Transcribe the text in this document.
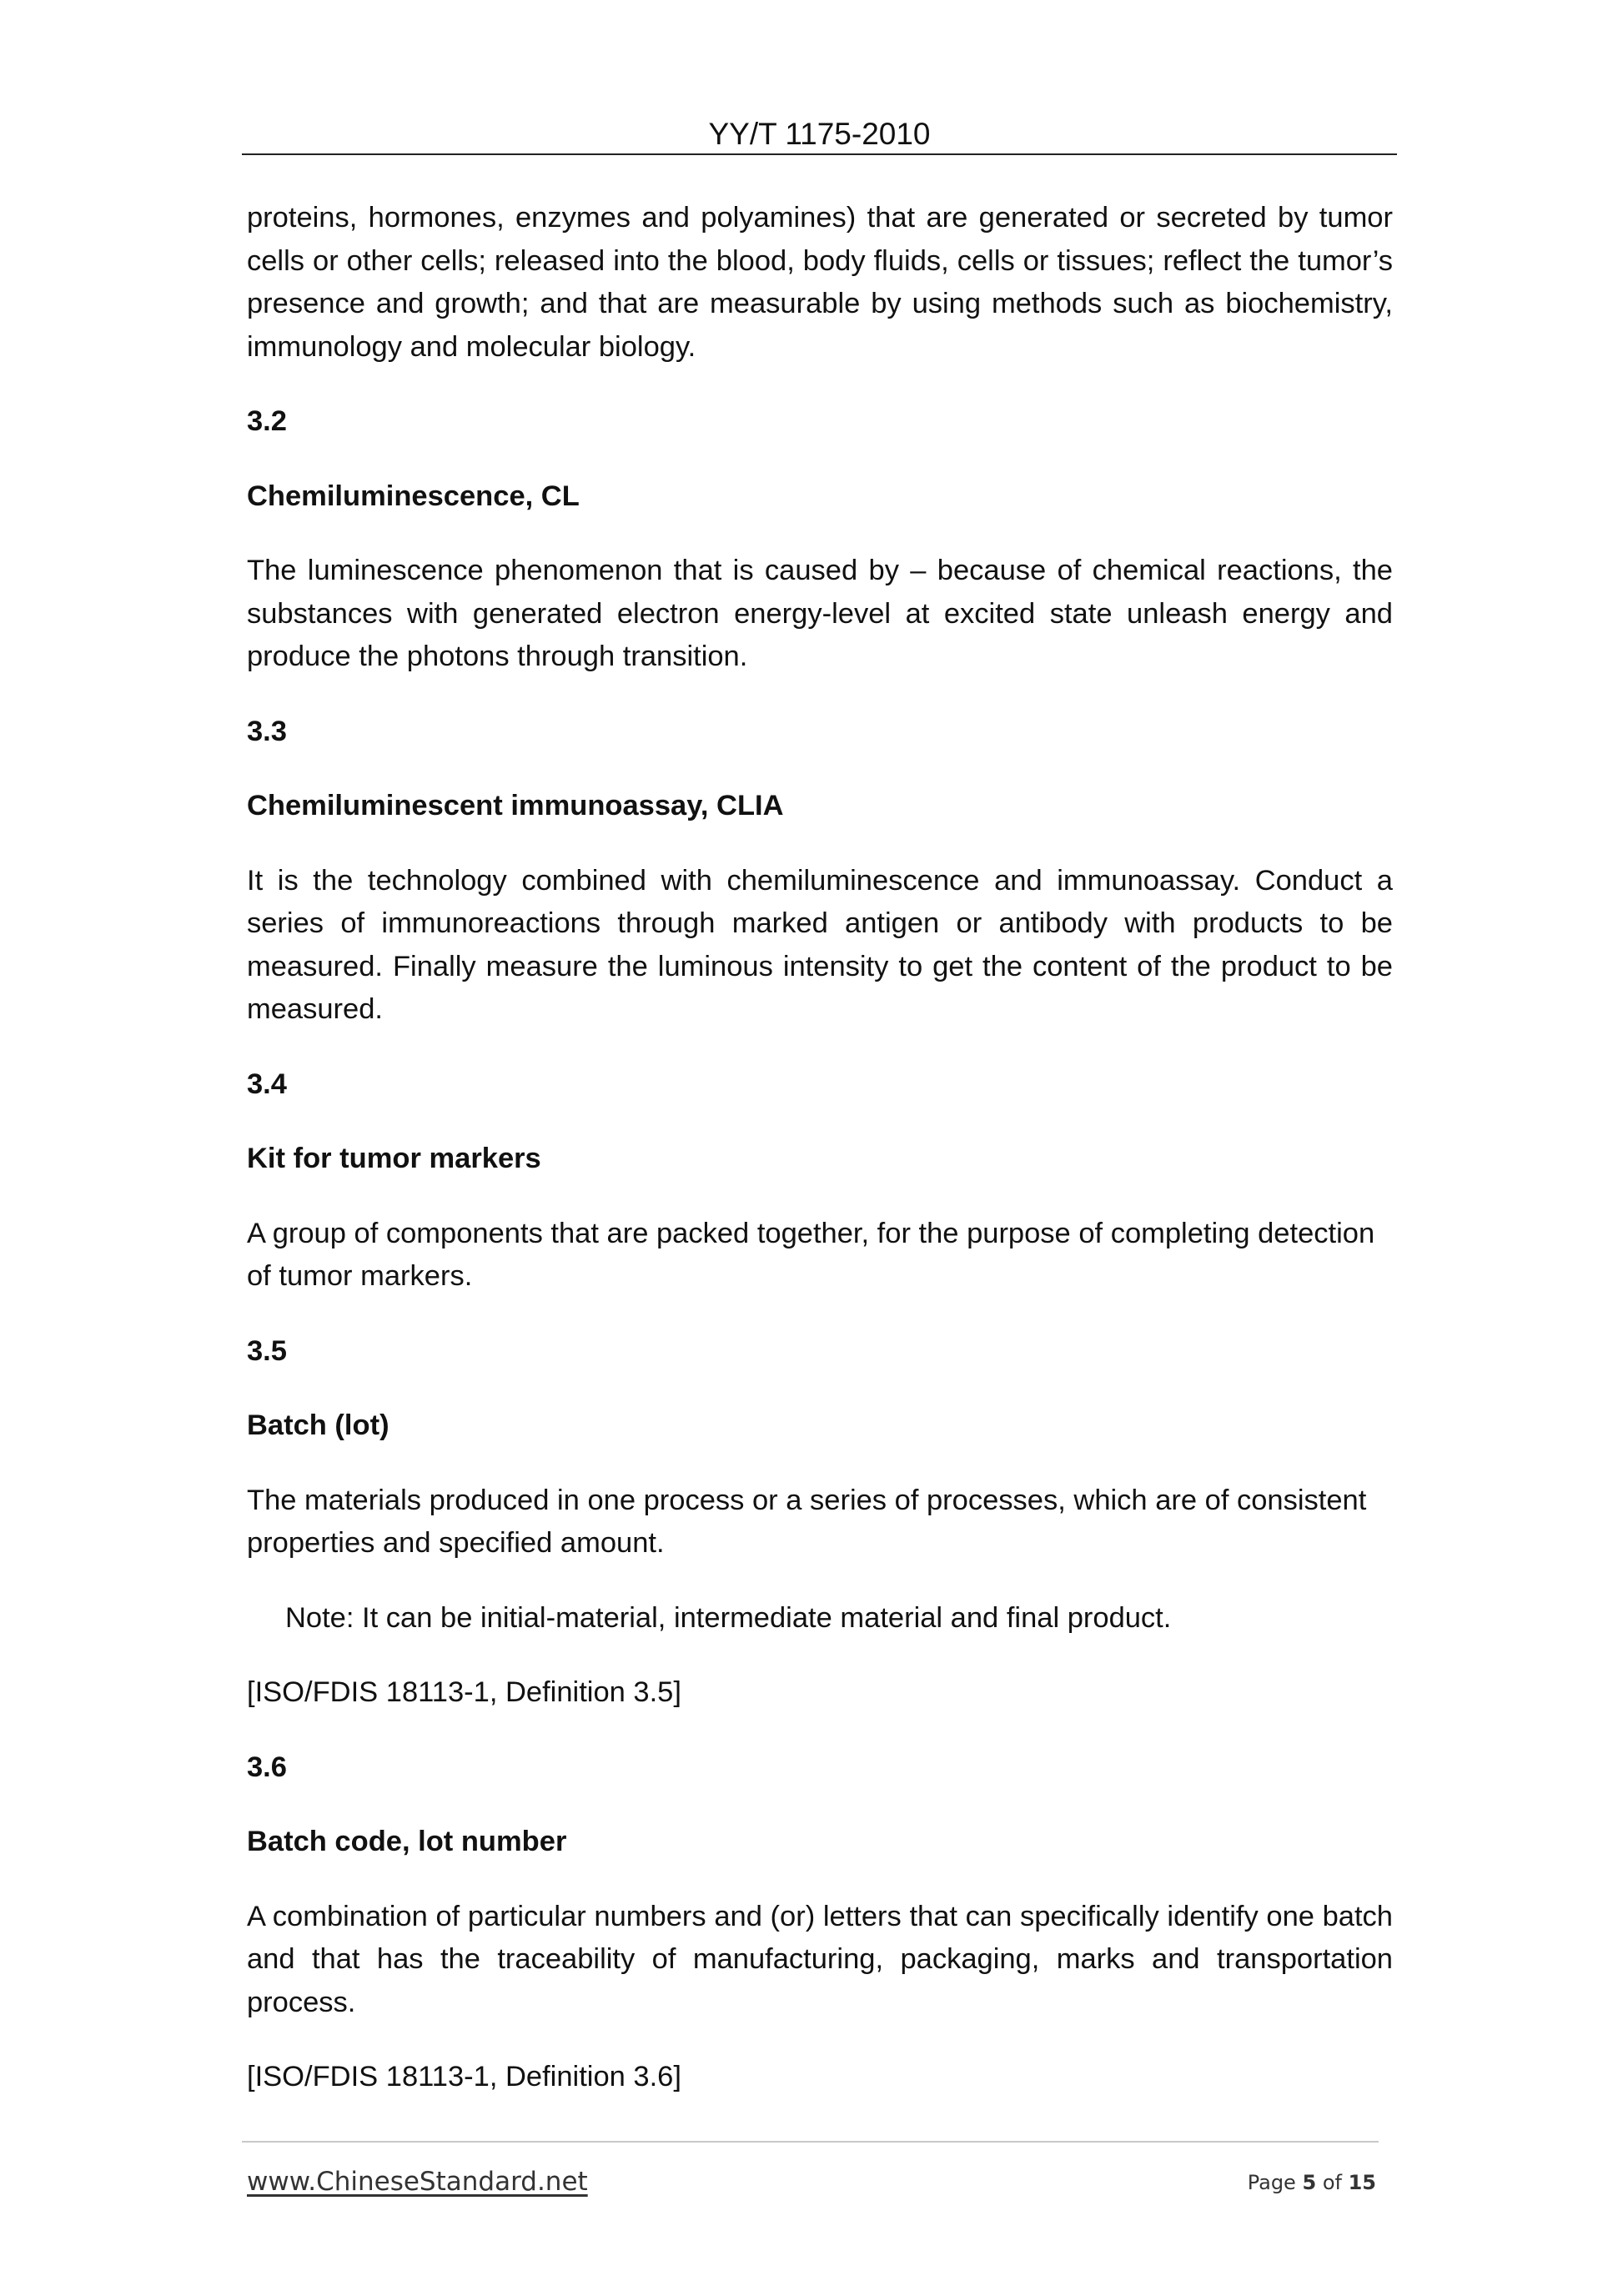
YY/T 1175-2010

proteins, hormones, enzymes and polyamines) that are generated or secreted by tumor cells or other cells; released into the blood, body fluids, cells or tissues; reflect the tumor’s presence and growth; and that are measurable by using methods such as biochemistry, immunology and molecular biology.

3.2

Chemiluminescence, CL

The luminescence phenomenon that is caused by – because of chemical reactions, the substances with generated electron energy-level at excited state unleash energy and produce the photons through transition.

3.3

Chemiluminescent immunoassay, CLIA

It is the technology combined with chemiluminescence and immunoassay. Conduct a series of immunoreactions through marked antigen or antibody with products to be measured. Finally measure the luminous intensity to get the content of the product to be measured.

3.4

Kit for tumor markers

A group of components that are packed together, for the purpose of completing detection of tumor markers.

3.5

Batch (lot)

The materials produced in one process or a series of processes, which are of consistent properties and specified amount.

Note: It can be initial-material, intermediate material and final product.

[ISO/FDIS 18113-1, Definition 3.5]

3.6

Batch code, lot number

A combination of particular numbers and (or) letters that can specifically identify one batch and that has the traceability of manufacturing, packaging, marks and transportation process.

[ISO/FDIS 18113-1, Definition 3.6]

www.ChineseStandard.net	Page 5 of 15
